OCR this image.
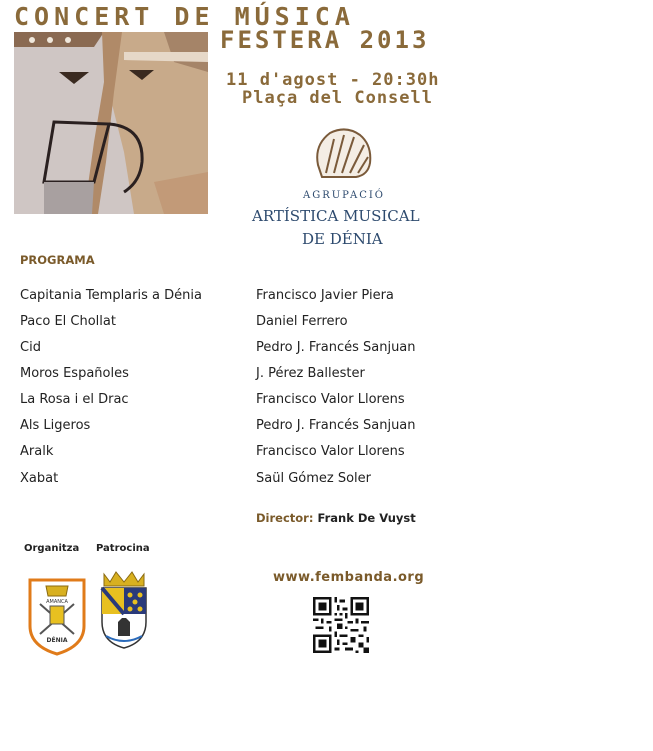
CONCERT DE MÚSICA
FESTERA 2013
11 d'agost - 20:30h
Plaça del Consell
AGRUPACIÓ
ARTÍSTICA MUSICAL
DE DÉNIA
PROGRAMA
Capitania Templaris a Dénia	Francisco Javier Piera
Paco El Chollat	Daniel Ferrero
Cid	Pedro J. Francés Sanjuan
Moros Españoles	J. Pérez Ballester
La Rosa i el Drac	Francisco Valor Llorens
Als Ligeros	Pedro J. Francés Sanjuan
Aralk	Francisco Valor Llorens
Xabat	Saül Gómez Soler
Director: Frank De Vuyst
Organitza Patrocina
AMANCA
DÉNIA
www.fembanda.org
